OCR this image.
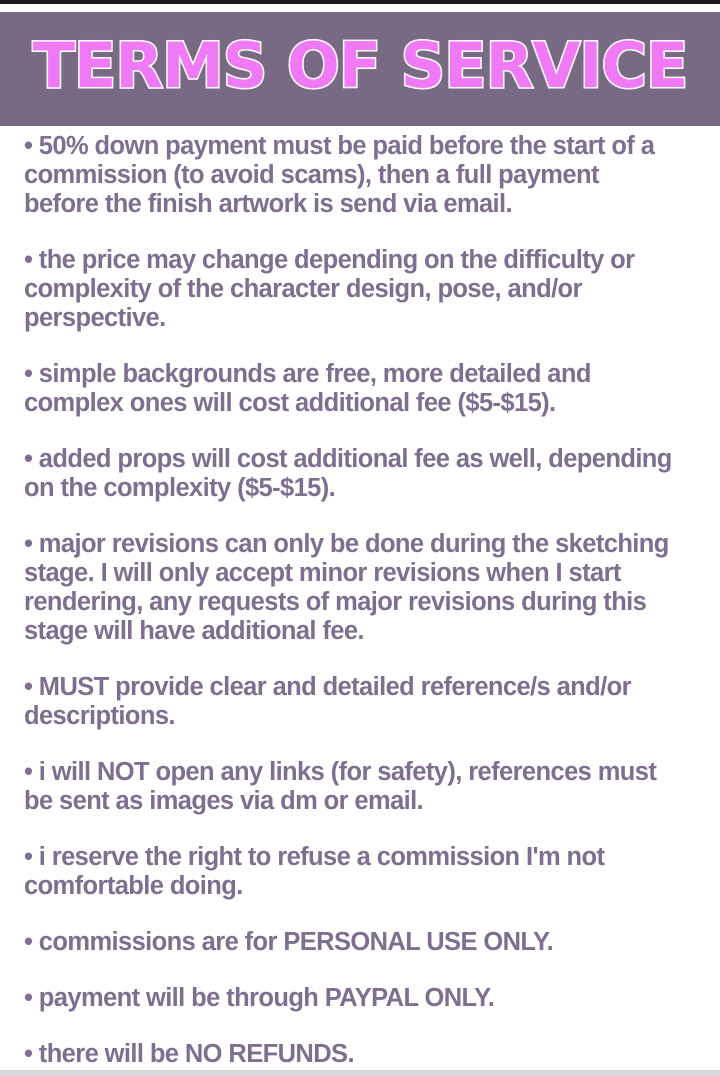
TERMS OF SERVICE
• 50% down payment must be paid before the start of a
commission (to avoid scams), then a full payment
before the finish artwork is send via email.
• the price may change depending on the difficulty or
complexity of the character design, pose, and/or
perspective.
• simple backgrounds are free, more detailed and
complex ones will cost additional fee ($5-$15).
• added props will cost additional fee as well, depending
on the complexity ($5-$15).
• major revisions can only be done during the sketching
stage. I will only accept minor revisions when I start
rendering, any requests of major revisions during this
stage will have additional fee.
• MUST provide clear and detailed reference/s and/or
descriptions.
• i will NOT open any links (for safety), references must
be sent as images via dm or email.
• i reserve the right to refuse a commission I'm not
comfortable doing.
• commissions are for PERSONAL USE ONLY.
• payment will be through PAYPAL ONLY.
• there will be NO REFUNDS.
